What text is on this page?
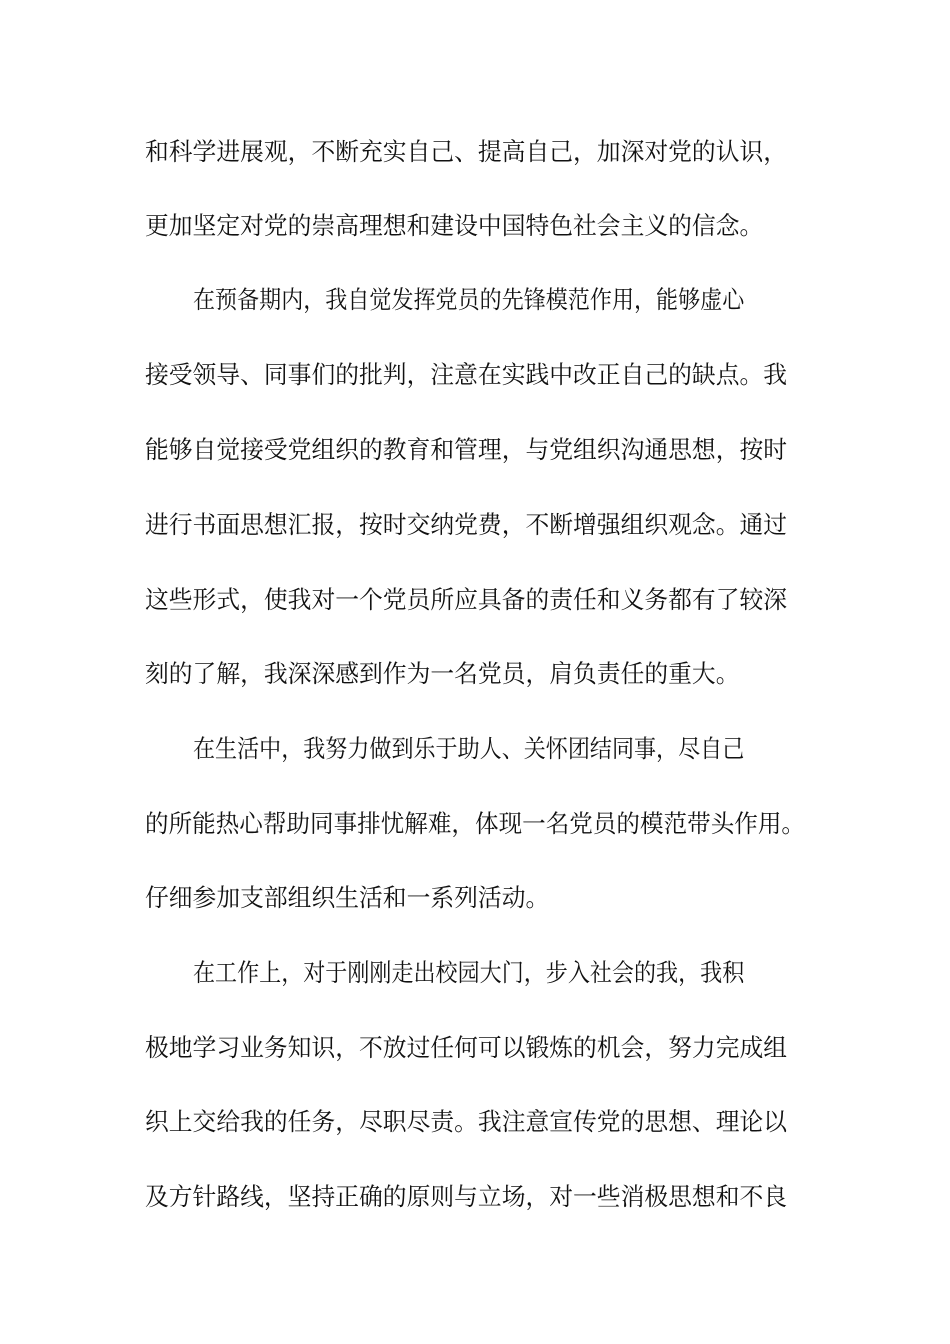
和科学进展观，不断充实自己、提高自己，加深对党的认识，
更加坚定对党的崇高理想和建设中国特色社会主义的信念。
在预备期内，我自觉发挥党员的先锋模范作用，能够虚心
接受领导、同事们的批判，注意在实践中改正自己的缺点。我
能够自觉接受党组织的教育和管理，与党组织沟通思想，按时
进行书面思想汇报，按时交纳党费，不断增强组织观念。通过
这些形式，使我对一个党员所应具备的责任和义务都有了较深
刻的了解，我深深感到作为一名党员，肩负责任的重大。
在生活中，我努力做到乐于助人、关怀团结同事，尽自己
的所能热心帮助同事排忧解难，体现一名党员的模范带头作用。
仔细参加支部组织生活和一系列活动。
在工作上，对于刚刚走出校园大门，步入社会的我，我积
极地学习业务知识，不放过任何可以锻炼的机会，努力完成组
织上交给我的任务，尽职尽责。我注意宣传党的思想、理论以
及方针路线，坚持正确的原则与立场，对一些消极思想和不良
